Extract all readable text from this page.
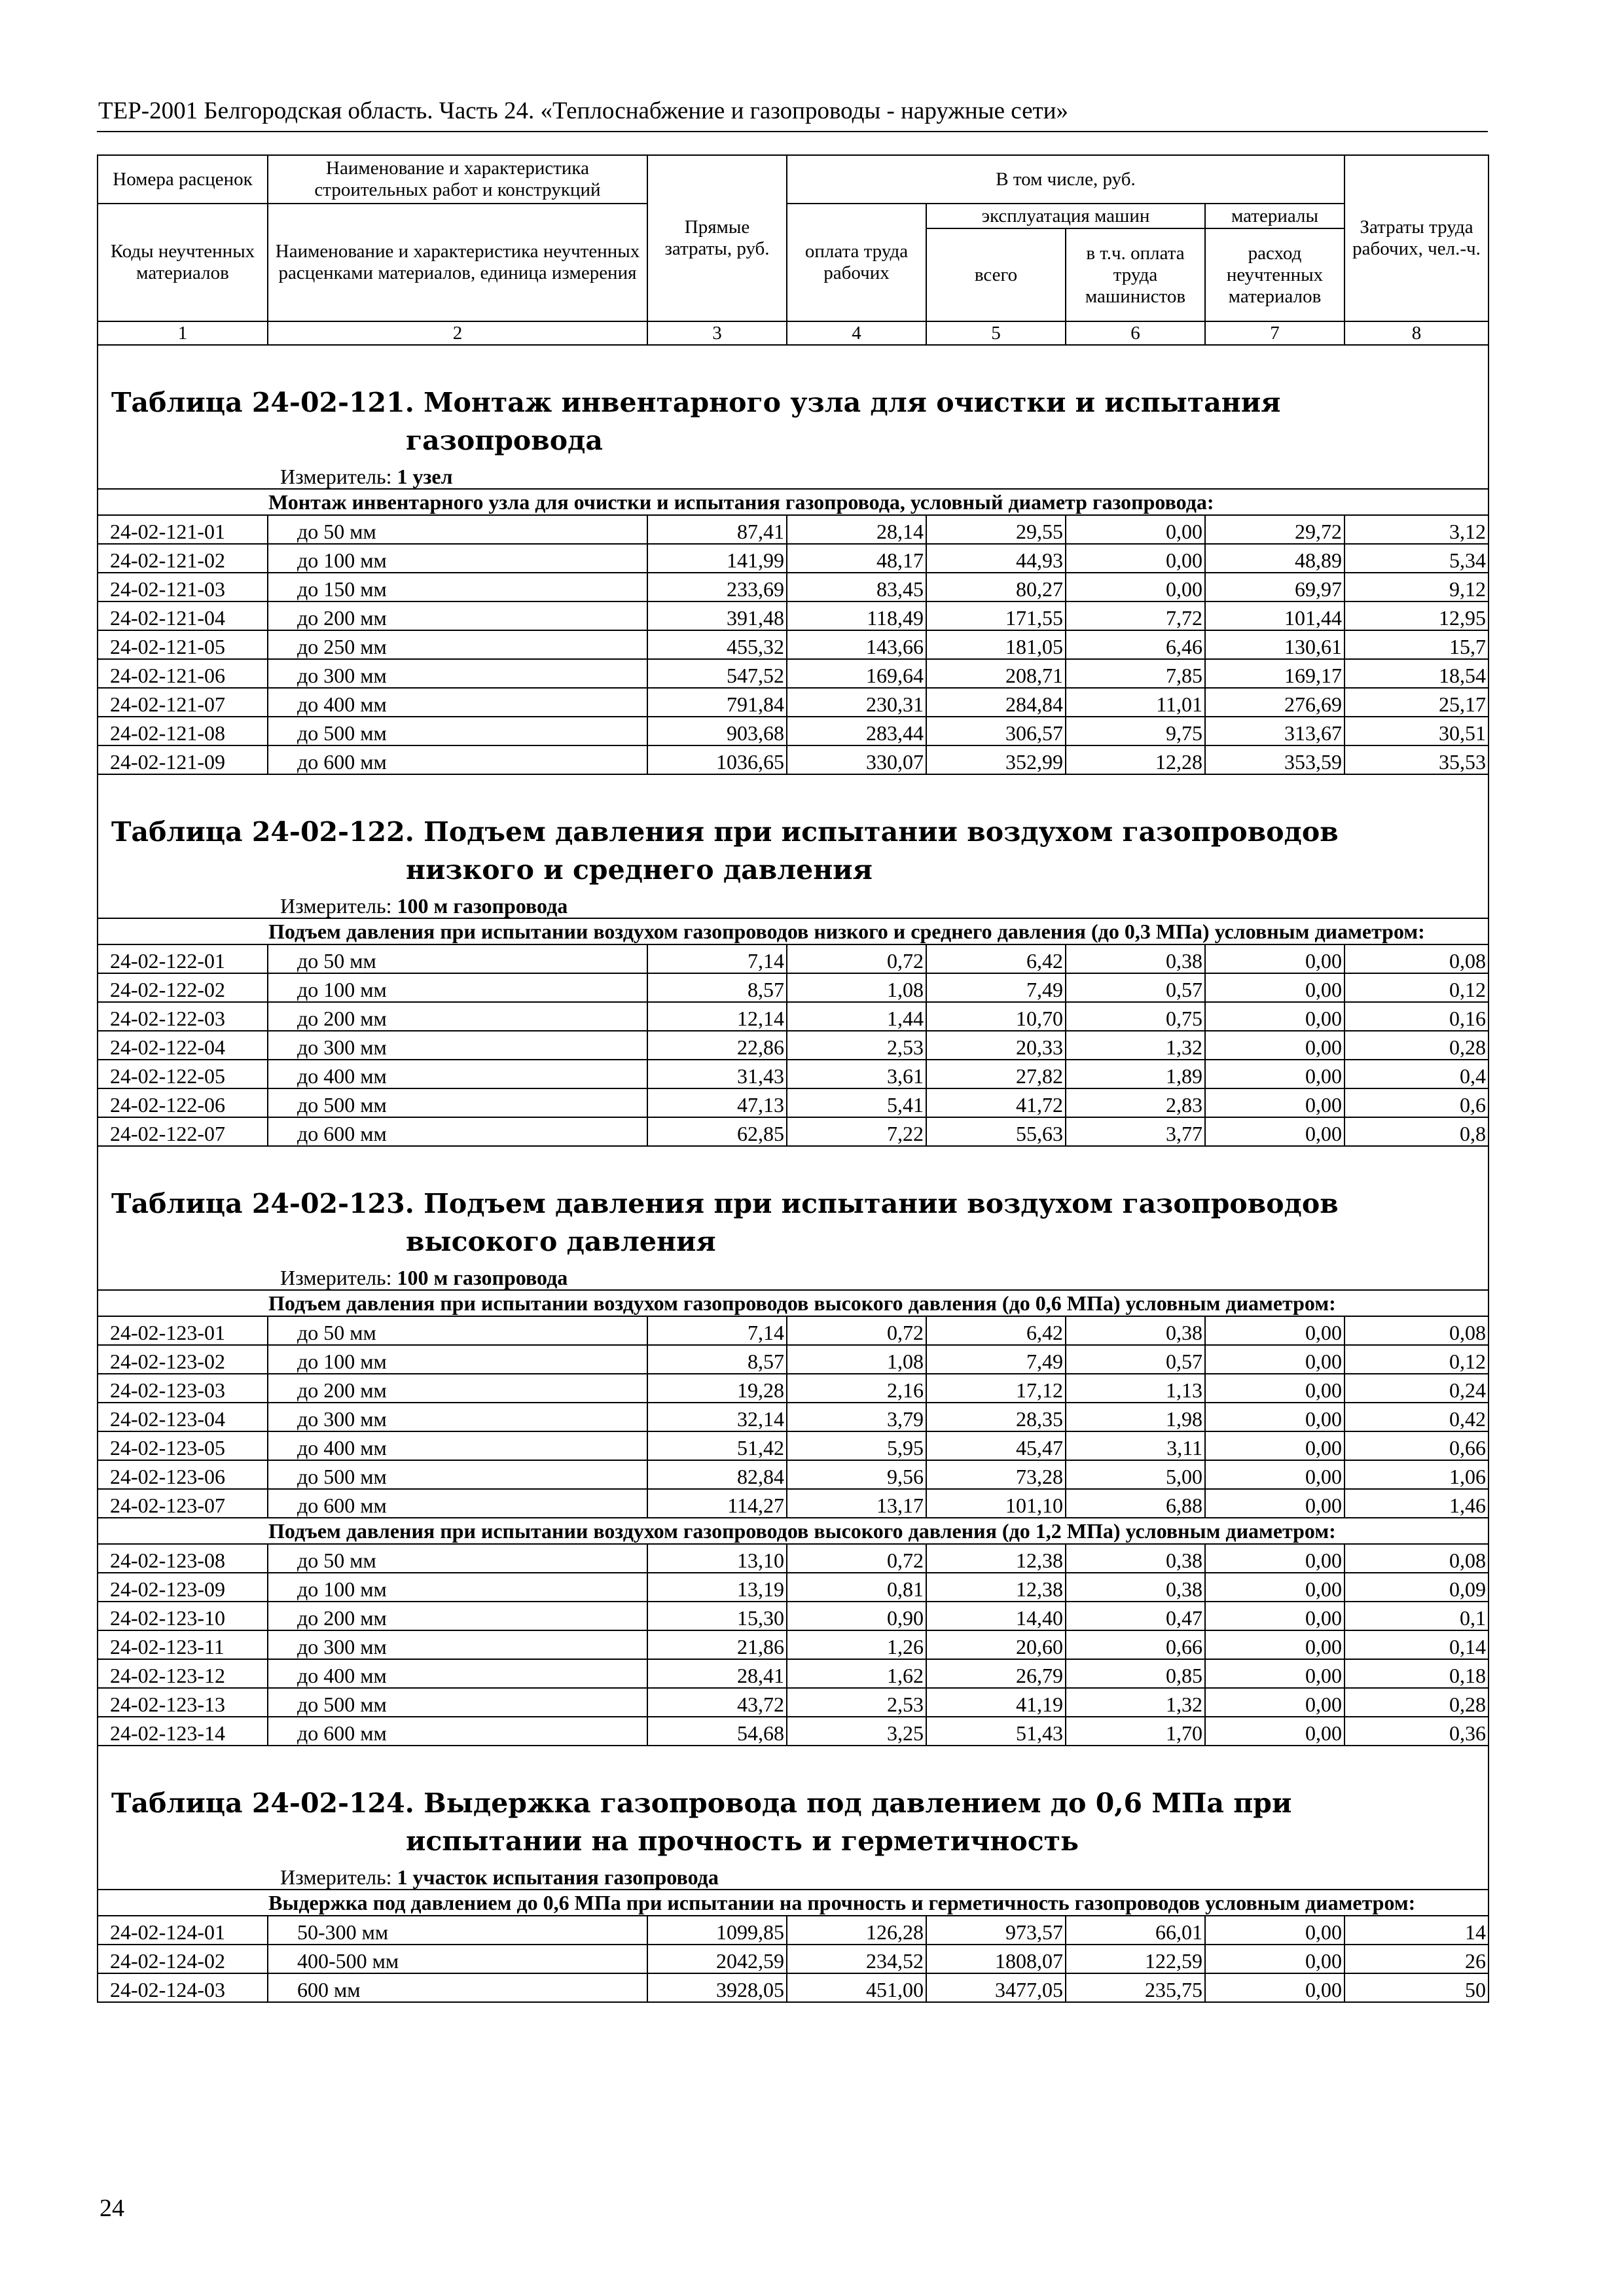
ТЕР-2001 Белгородская область. Часть 24. «Теплоснабжение и газопроводы - наружные сети»
Номера расценок	Наименование и характеристика строительных работ и конструкций	Прямые затраты, руб.	В том числе, руб.				Затраты труда рабочих, чел.-ч.
Коды неучтенных материалов	Наименование и характеристика неучтенных расценками материалов, единица измерения		оплата труда рабочих	эксплуатация машин		материалы	
				всего	в т.ч. оплата труда машинистов	расход неучтенных материалов	
1	2	3	4	5	6	7	8

Таблица 24-02-121. Монтаж инвентарного узла для очистки и испытания газопровода							

Измеритель: 1 узел							
Монтаж инвентарного узла для очистки и испытания газопровода, условный диаметр газопровода:							
24-02-121-01	до 50 мм	87,41	28,14	29,55	0,00	29,72	3,12
24-02-121-02	до 100 мм	141,99	48,17	44,93	0,00	48,89	5,34
24-02-121-03	до 150 мм	233,69	83,45	80,27	0,00	69,97	9,12
24-02-121-04	до 200 мм	391,48	118,49	171,55	7,72	101,44	12,95
24-02-121-05	до 250 мм	455,32	143,66	181,05	6,46	130,61	15,7
24-02-121-06	до 300 мм	547,52	169,64	208,71	7,85	169,17	18,54
24-02-121-07	до 400 мм	791,84	230,31	284,84	11,01	276,69	25,17
24-02-121-08	до 500 мм	903,68	283,44	306,57	9,75	313,67	30,51
24-02-121-09	до 600 мм	1036,65	330,07	352,99	12,28	353,59	35,53

Таблица 24-02-122. Подъем давления при испытании воздухом газопроводов низкого и среднего давления							

Измеритель: 100 м газопровода							
Подъем давления при испытании воздухом газопроводов низкого и среднего давления (до 0,3 МПа) условным диаметром:							
24-02-122-01	до 50 мм	7,14	0,72	6,42	0,38	0,00	0,08
24-02-122-02	до 100 мм	8,57	1,08	7,49	0,57	0,00	0,12
24-02-122-03	до 200 мм	12,14	1,44	10,70	0,75	0,00	0,16
24-02-122-04	до 300 мм	22,86	2,53	20,33	1,32	0,00	0,28
24-02-122-05	до 400 мм	31,43	3,61	27,82	1,89	0,00	0,4
24-02-122-06	до 500 мм	47,13	5,41	41,72	2,83	0,00	0,6
24-02-122-07	до 600 мм	62,85	7,22	55,63	3,77	0,00	0,8

Таблица 24-02-123. Подъем давления при испытании воздухом газопроводов высокого давления							

Измеритель: 100 м газопровода							
Подъем давления при испытании воздухом газопроводов высокого давления (до 0,6 МПа) условным диаметром:							
24-02-123-01	до 50 мм	7,14	0,72	6,42	0,38	0,00	0,08
24-02-123-02	до 100 мм	8,57	1,08	7,49	0,57	0,00	0,12
24-02-123-03	до 200 мм	19,28	2,16	17,12	1,13	0,00	0,24
24-02-123-04	до 300 мм	32,14	3,79	28,35	1,98	0,00	0,42
24-02-123-05	до 400 мм	51,42	5,95	45,47	3,11	0,00	0,66
24-02-123-06	до 500 мм	82,84	9,56	73,28	5,00	0,00	1,06
24-02-123-07	до 600 мм	114,27	13,17	101,10	6,88	0,00	1,46
Подъем давления при испытании воздухом газопроводов высокого давления (до 1,2 МПа) условным диаметром:							
24-02-123-08	до 50 мм	13,10	0,72	12,38	0,38	0,00	0,08
24-02-123-09	до 100 мм	13,19	0,81	12,38	0,38	0,00	0,09
24-02-123-10	до 200 мм	15,30	0,90	14,40	0,47	0,00	0,1
24-02-123-11	до 300 мм	21,86	1,26	20,60	0,66	0,00	0,14
24-02-123-12	до 400 мм	28,41	1,62	26,79	0,85	0,00	0,18
24-02-123-13	до 500 мм	43,72	2,53	41,19	1,32	0,00	0,28
24-02-123-14	до 600 мм	54,68	3,25	51,43	1,70	0,00	0,36

Таблица 24-02-124. Выдержка газопровода под давлением до 0,6 МПа при испытании на прочность и герметичность							

Измеритель: 1 участок испытания газопровода							
Выдержка под давлением до 0,6 МПа при испытании на прочность и герметичность газопроводов условным диаметром:							
24-02-124-01	50-300 мм	1099,85	126,28	973,57	66,01	0,00	14
24-02-124-02	400-500 мм	2042,59	234,52	1808,07	122,59	0,00	26
24-02-124-03	600 мм	3928,05	451,00	3477,05	235,75	0,00	50
24
